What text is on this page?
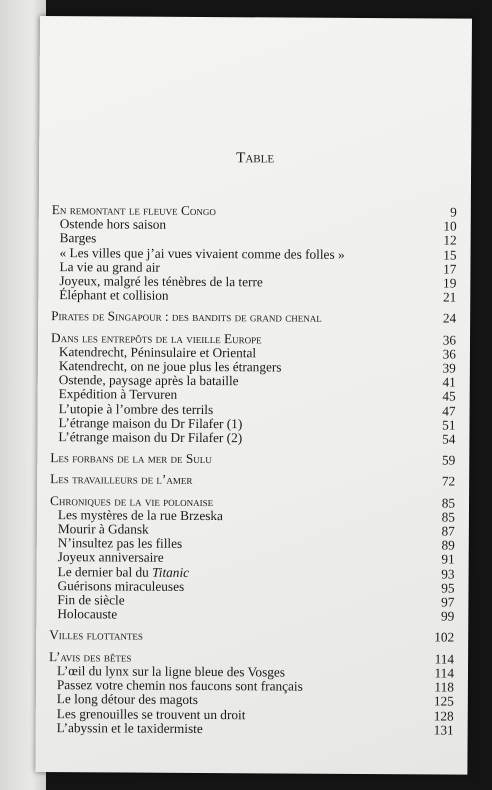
Table
En remontant le fleuve Congo	9
Ostende hors saison	10
Barges	12
« Les villes que j’ai vues vivaient comme des folles »	15
La vie au grand air	17
Joyeux, malgré les ténèbres de la terre	19
Éléphant et collision	21
Pirates de Singapour : des bandits de grand chenal	24
Dans les entrepôts de la vieille Europe	36
Katendrecht, Péninsulaire et Oriental	36
Katendrecht, on ne joue plus les étrangers	39
Ostende, paysage après la bataille	41
Expédition à Tervuren	45
L’utopie à l’ombre des terrils	47
L’étrange maison du Dr Filafer (1)	51
L’étrange maison du Dr Filafer (2)	54
Les forbans de la mer de Sulu	59
Les travailleurs de l’amer	72
Chroniques de la vie polonaise	85
Les mystères de la rue Brzeska	85
Mourir à Gdansk	87
N’insultez pas les filles	89
Joyeux anniversaire	91
Le dernier bal du Titanic	93
Guérisons miraculeuses	95
Fin de siècle	97
Holocauste	99
Villes flottantes	102
L’avis des bêtes	114
L’œil du lynx sur la ligne bleue des Vosges	114
Passez votre chemin nos faucons sont français	118
Le long détour des magots	125
Les grenouilles se trouvent un droit	128
L’abyssin et le taxidermiste	131
